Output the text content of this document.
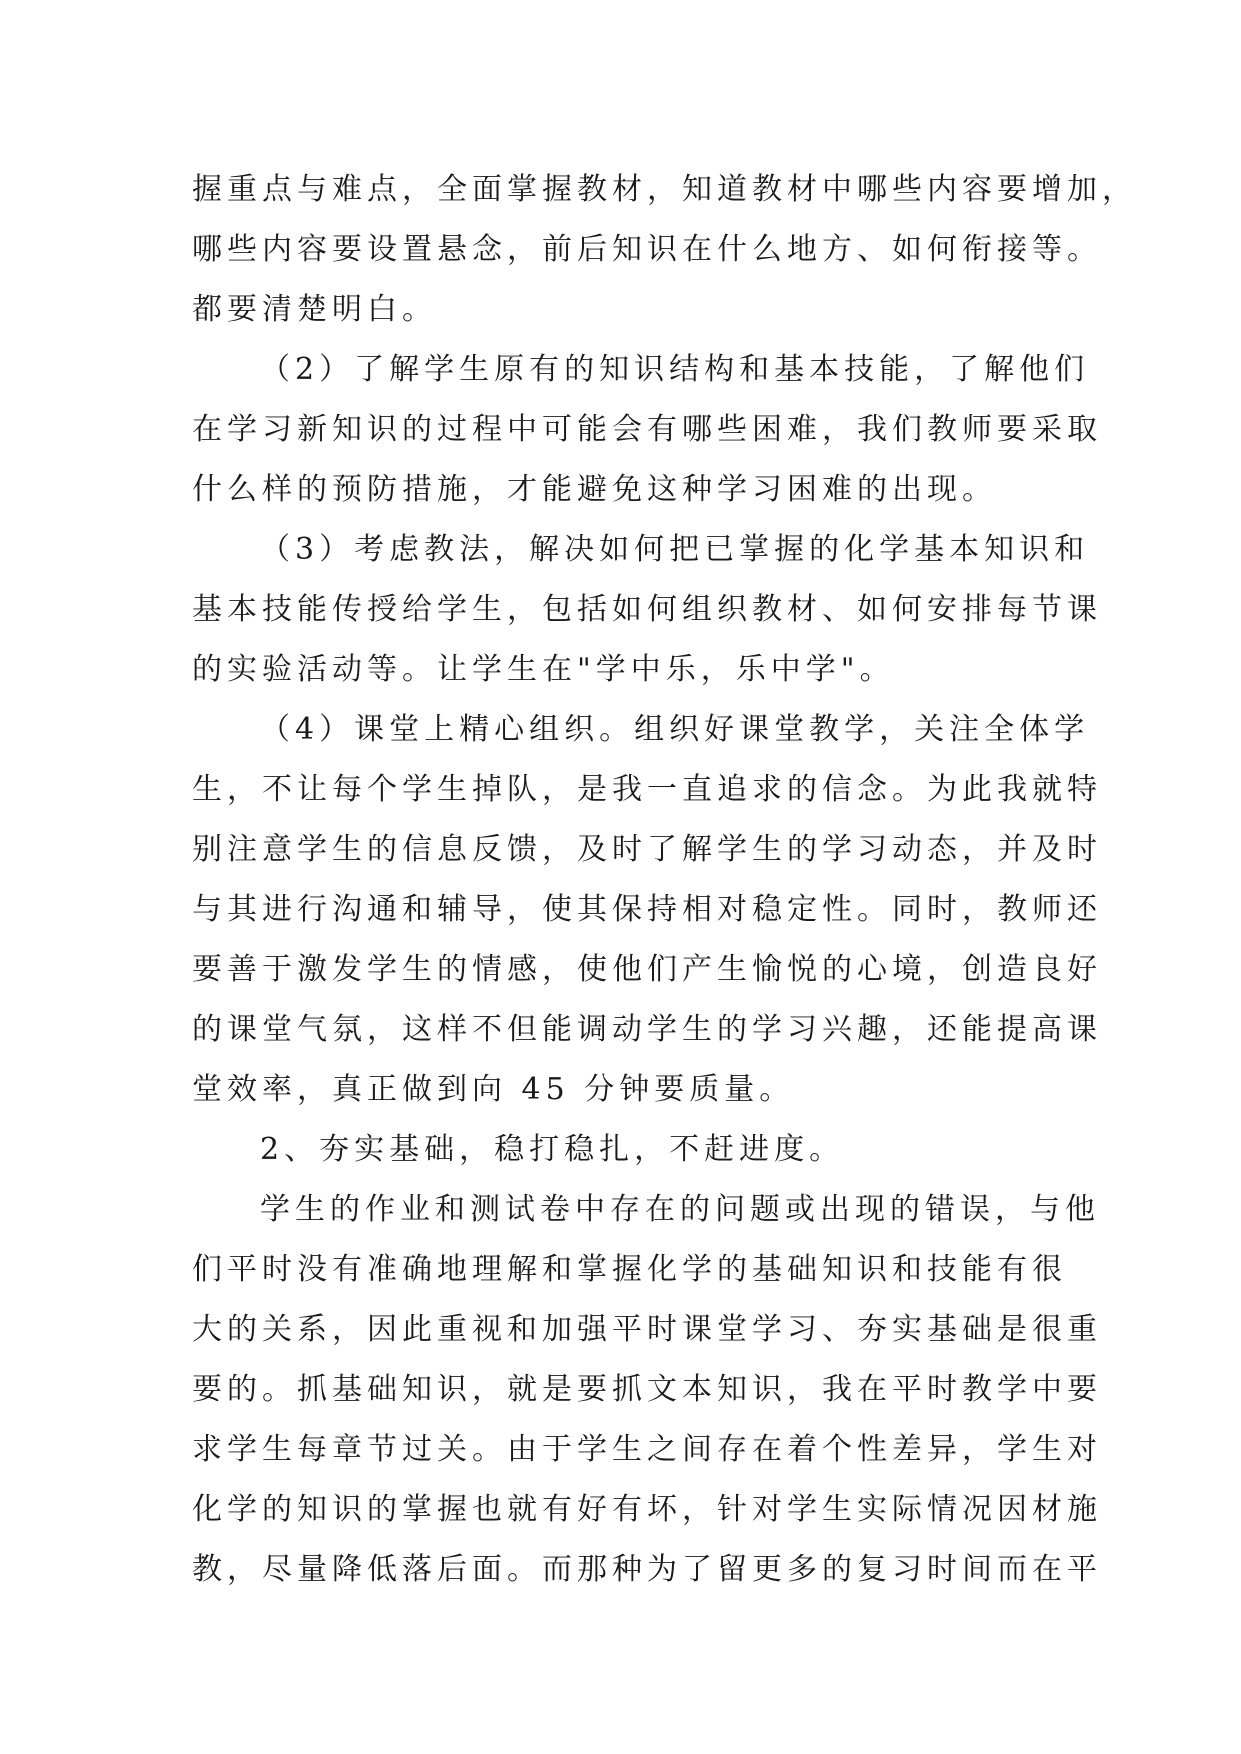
握重点与难点，全面掌握教材，知道教材中哪些内容要增加，
哪些内容要设置悬念，前后知识在什么地方、如何衔接等。
都要清楚明白。
（2）了解学生原有的知识结构和基本技能，了解他们
在学习新知识的过程中可能会有哪些困难，我们教师要采取
什么样的预防措施，才能避免这种学习困难的出现。
（3）考虑教法，解决如何把已掌握的化学基本知识和
基本技能传授给学生，包括如何组织教材、如何安排每节课
的实验活动等。让学生在"学中乐，乐中学"。
（4）课堂上精心组织。组织好课堂教学，关注全体学
生，不让每个学生掉队，是我一直追求的信念。为此我就特
别注意学生的信息反馈，及时了解学生的学习动态，并及时
与其进行沟通和辅导，使其保持相对稳定性。同时，教师还
要善于激发学生的情感，使他们产生愉悦的心境，创造良好
的课堂气氛，这样不但能调动学生的学习兴趣，还能提高课
堂效率，真正做到向 45 分钟要质量。
2、夯实基础，稳打稳扎，不赶进度。
学生的作业和测试卷中存在的问题或出现的错误，与他
们平时没有准确地理解和掌握化学的基础知识和技能有很
大的关系，因此重视和加强平时课堂学习、夯实基础是很重
要的。抓基础知识，就是要抓文本知识，我在平时教学中要
求学生每章节过关。由于学生之间存在着个性差异，学生对
化学的知识的掌握也就有好有坏，针对学生实际情况因材施
教，尽量降低落后面。而那种为了留更多的复习时间而在平
